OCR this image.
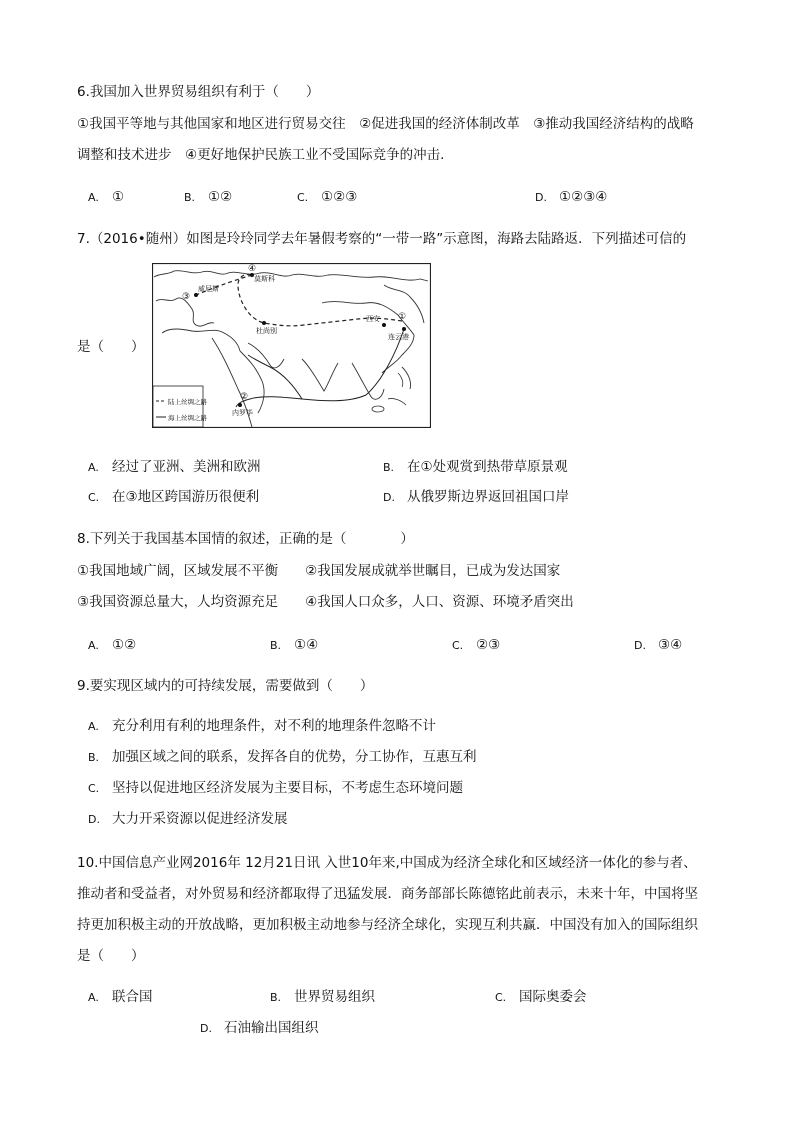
6.我国加入世界贸易组织有利于（　　）
①我国平等地与其他国家和地区进行贸易交往　②促进我国的经济体制改革　③推动我国经济结构的战略
调整和技术进步　④更好地保护民族工业不受国际竞争的冲击.
A. ①	B. ①②	C. ①②③	D. ①②③④
7.（2016•随州）如图是玲玲同学去年暑假考察的“一带一路”示意图，海路去陆路返．下列描述可信的
④
③
②
①
莫斯科
威尼斯
杜尚别
西安
连云港
内罗毕
陆上丝绸之路
海上丝绸之路
是（　　）
A. 经过了亚洲、美洲和欧洲	B. 在①处观赏到热带草原景观
C. 在③地区跨国游历很便利	D. 从俄罗斯边界返回祖国口岸
8.下列关于我国基本国情的叙述，正确的是（　　　　）
①我国地域广阔，区域发展不平衡　　②我国发展成就举世瞩目，已成为发达国家
③我国资源总量大，人均资源充足　　④我国人口众多，人口、资源、环境矛盾突出
A. ①②	B. ①④	C. ②③	D. ③④
9.要实现区域内的可持续发展，需要做到（　　）
A. 充分利用有利的地理条件，对不利的地理条件忽略不计
B. 加强区域之间的联系，发挥各自的优势，分工协作，互惠互利
C. 坚持以促进地区经济发展为主要目标，不考虑生态环境问题
D. 大力开采资源以促进经济发展
10.中国信息产业网2016年 12月21日讯 入世10年来,中国成为经济全球化和区域经济一体化的参与者、
推动者和受益者，对外贸易和经济都取得了迅猛发展．商务部部长陈德铭此前表示，未来十年，中国将坚
持更加积极主动的开放战略，更加积极主动地参与经济全球化，实现互利共赢．中国没有加入的国际组织
是（　　）
A. 联合国	B. 世界贸易组织	C. 国际奥委会
D. 石油输出国组织
